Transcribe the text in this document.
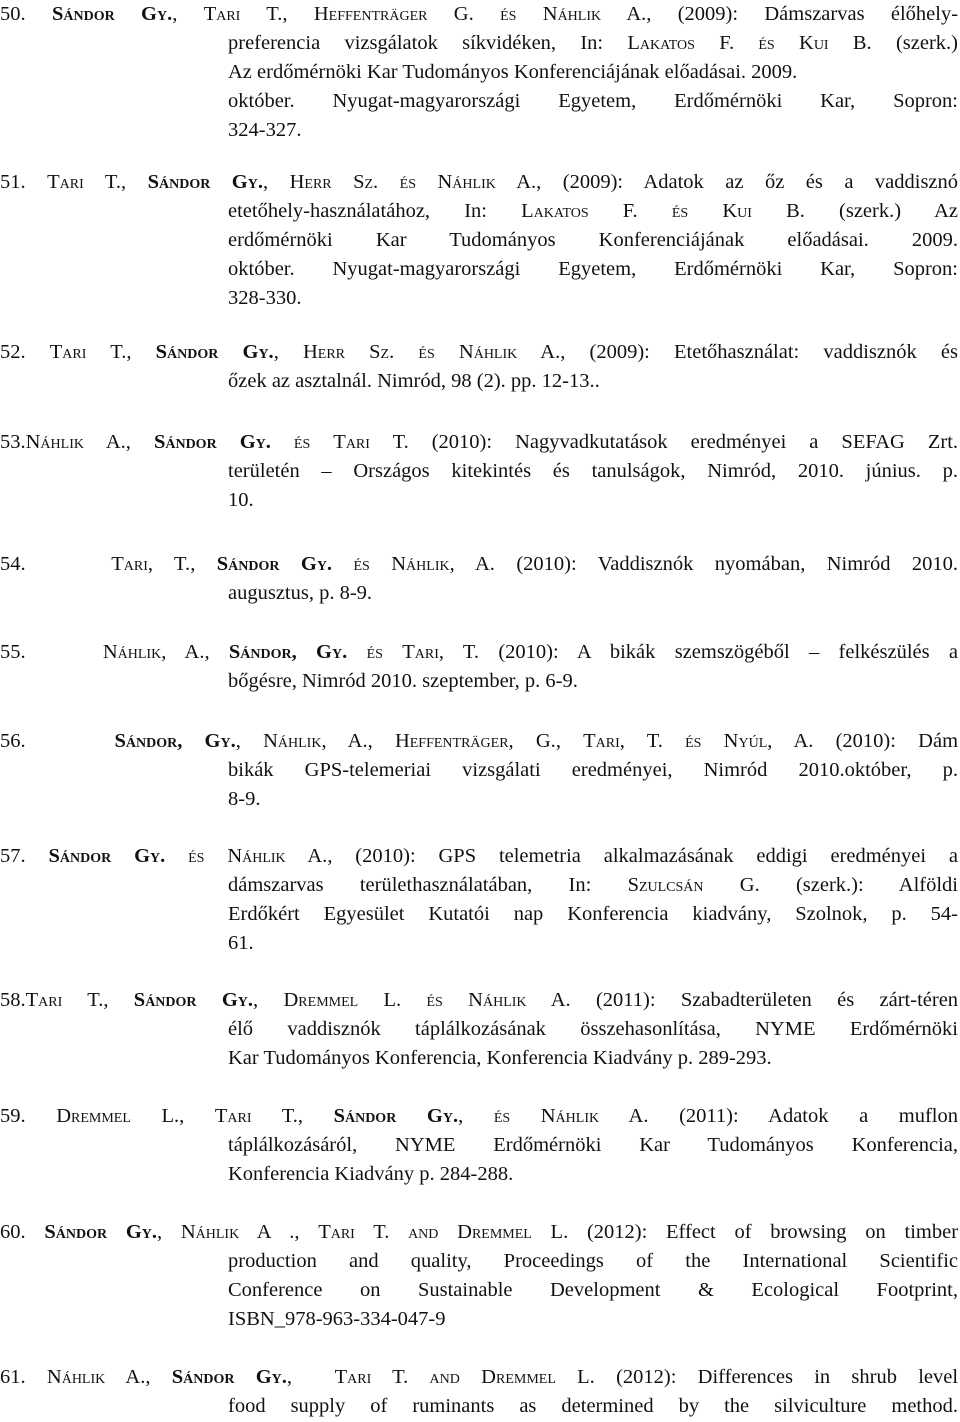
50. Sándor Gy., Tari T., Heffenträger G. és Náhlik A., (2009): Dámszarvas élőhely-
preferencia vizsgálatok síkvidéken, In: Lakatos F. és Kui B. (szerk.)
Az erdőmérnöki Kar Tudományos Konferenciájának előadásai. 2009.
október. Nyugat-magyarországi Egyetem, Erdőmérnöki Kar, Sopron:
324-327.
51. Tari T., Sándor Gy., Herr Sz. és Náhlik A., (2009): Adatok az őz és a vaddisznó
etetőhely-használatához, In: Lakatos F. és Kui B. (szerk.) Az
erdőmérnöki Kar Tudományos Konferenciájának előadásai. 2009.
október. Nyugat-magyarországi Egyetem, Erdőmérnöki Kar, Sopron:
328-330.
52. Tari T., Sándor Gy., Herr Sz. és Náhlik A., (2009): Etetőhasználat: vaddisznók és
őzek az asztalnál. Nimród, 98 (2). pp. 12-13..
53.Náhlik A., Sándor Gy. és Tari T. (2010): Nagyvadkutatások eredményei a SEFAG Zrt.
területén – Országos kitekintés és tanulságok, Nimród, 2010. június. p.
10.
54.    Tari, T., Sándor Gy. és Náhlik, A. (2010): Vaddisznók nyomában, Nimród 2010.
augusztus, p. 8-9.
55.    Náhlik, A., Sándor, Gy. és Tari, T. (2010): A bikák szemszögéből – felkészülés a
bőgésre, Nimród 2010. szeptember, p. 6-9.
56.    Sándor, Gy., Náhlik, A., Heffenträger, G., Tari, T. és Nyúl, A. (2010): Dám
bikák GPS-telemeriai vizsgálati eredményei, Nimród 2010.október, p.
8-9.
57. Sándor Gy. és Náhlik A., (2010): GPS telemetria alkalmazásának eddigi eredményei a
dámszarvas területhasználatában, In: Szulcsán G. (szerk.): Alföldi
Erdőkért Egyesület Kutatói nap Konferencia kiadvány, Szolnok, p. 54-
61.
58.Tari T., Sándor Gy., Dremmel L. és Náhlik A. (2011): Szabadterületen és zárt-téren
élő vaddisznók táplálkozásának összehasonlítása, NYME Erdőmérnöki
Kar Tudományos Konferencia, Konferencia Kiadvány p. 289-293.
59. Dremmel L., Tari T., Sándor Gy., és Náhlik A. (2011): Adatok a muflon
táplálkozásáról, NYME Erdőmérnöki Kar Tudományos Konferencia,
Konferencia Kiadvány p. 284-288.
60. Sándor Gy., Náhlik A ., Tari T. and Dremmel L. (2012): Effect of browsing on timber
production and quality, Proceedings of the International Scientific
Conference on Sustainable Development & Ecological Footprint,
ISBN_978-963-334-047-9
61. Náhlik A., Sándor Gy.,  Tari T. and Dremmel L. (2012): Differences in shrub level
food supply of ruminants as determined by the silviculture method.
